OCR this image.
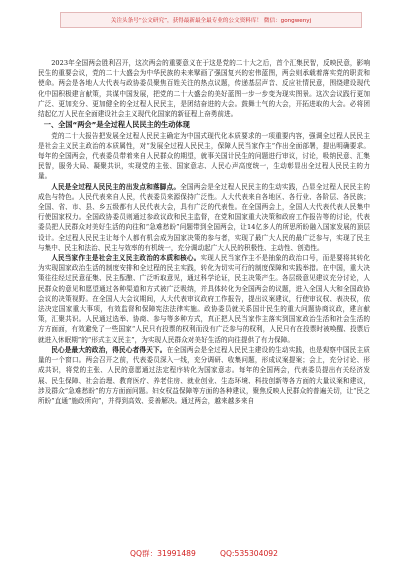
关注头条号“公文研究”，获得最新最全最专业的公文资料库！ 微信：gongwenyj

2023年全国两会胜利召开，这次两会的重要意义在于这是党的二十大之后，首个汇集民智，反映民意，影响民生的重要会议，党的二十大盛会为中华民族的未来擘画了强国复兴的宏伟蓝图，两会则承载着落实党的职责和使命。两会是各地人大代表与政协委员聚焦百姓关注的热点议题，传递基层声音、反应社情民意，围绕建设现代化中国积极建言献策，共谋中国发展，把党的二十大盛会的美好蓝图一步一步变为现实图景。这次会议践行更加广泛、更加充分、更加健全的全过程人民民主，是团结奋进的大会。鼓舞士气的大会，开拓进取的大会。必将团结起亿万人民在全面建设社会主义现代化国家的新征程上奋勇前进。

一、全国“两会”是全过程人民民主的生动体现

党的二十大报告把发展全过程人民民主确定为中国式现代化本质要求的一项重要内容，强调全过程人民民主是社会主义民主政治的本质属性，对“发展全过程人民民主，保障人民当家作主”作出全面部署，提出明确要求。每年的全国两会，代表委员带着来自人民群众的期望，就事关国计民生的问题进行审议，讨论，吸纳民意、汇集民智，服务大局、凝聚共识，实现党的主张、国家意志、人民心声高度统一，生动彰显出全过程人民民主的力量。

人民是全过程人民民主的出发点和落脚点。全国两会是全过程人民民主的生动实践，凸显全过程人民民主的成色与特色。人民代表来自人民，代表委员来源保持广泛性。人大代表来自各地区、各行业、各阶层、各民族；全国、省、市、县、乡五级都有人民代表大会，具有广泛的代表性。在全国两会上，全国人大代表代表人民集中行使国家权力。全国政协委员则通过参政议政和民主监督，在党和国家重大决策和政府工作报告等的讨论，代表委员把人民群众对美好生活的向往和“急难愁盼”问题带到全国两会，让14亿多人的所思所盼融入国家发展的顶层设计。全过程人民民主让每个人都有机会成为国家决策的参与者，实现了最广大人民的最广泛参与，实现了民主与集中、民主和法治、民主与效率的有机统一，充分调动起广大人民的积极性、主动性、创造性。

人民当家作主是社会主义民主政治的本质和核心。实现人民当家作主不是抽象的政治口号，而是要将其转化为实现国家政治生活的制度安排和全过程的民主实践，转化为切实可行的制度保障和实践举措。在中国，重大决策往往经过民意征集、民主酝酿、广泛听取意见，通过科学论证，民主决策产生。各层级意见建议充分讨论，人民群众的意见和愿望通过各种渠道和方式被广泛吸纳，并具体转化为全国两会的议题，进入全国人大和全国政协会议的决策视野。在全国人大会议期间，人大代表审议政府工作报告，提出议案建议，行使审议权、表决权，依法决定国家重大事项，有效监督和保障宪法法律实施。政协委员就关系国计民生的重大问题协商议政，建言献策，汇聚共识。人民通过选举、协商、参与等多种方式，真正把人民当家作主落实到国家政治生活和社会生活的方方面面，有效避免了一些国家“人民只有投票的权利而没有广泛参与的权利，人民只有在投票时被唤醒、投票后就进入休眠期”的“形式主义民主”，为实现人民群众对美好生活的向往提供了有力保障。

民心是最大的政治，得民心者得天下。在全国两会是全过程人民民主建设的生动实践，也是观察中国民主质量的一个窗口。两会召开之前，代表委员深入一线，充分调研、收集问题，形成议案提案；会上，充分讨论、形成共识，将党的主张、人民的意愿通过法定程序转化为国家意志。每年的全国两会，代表委员提出有关经济发展、民生保障、社会治理、教育医疗、养老住房、就业创业、生态环境、科技创新等各方面的大量议案和建议，涉及群众“急难愁盼”的方方面面问题。妇女权益保障等方面的各种建议，聚焦反映人民群众的普遍关切，让“民之所盼”直通“施政所向”，并得到高效、妥善解决。通过两会，越来越多来自

QQ群：31991489	QQ:535304092
